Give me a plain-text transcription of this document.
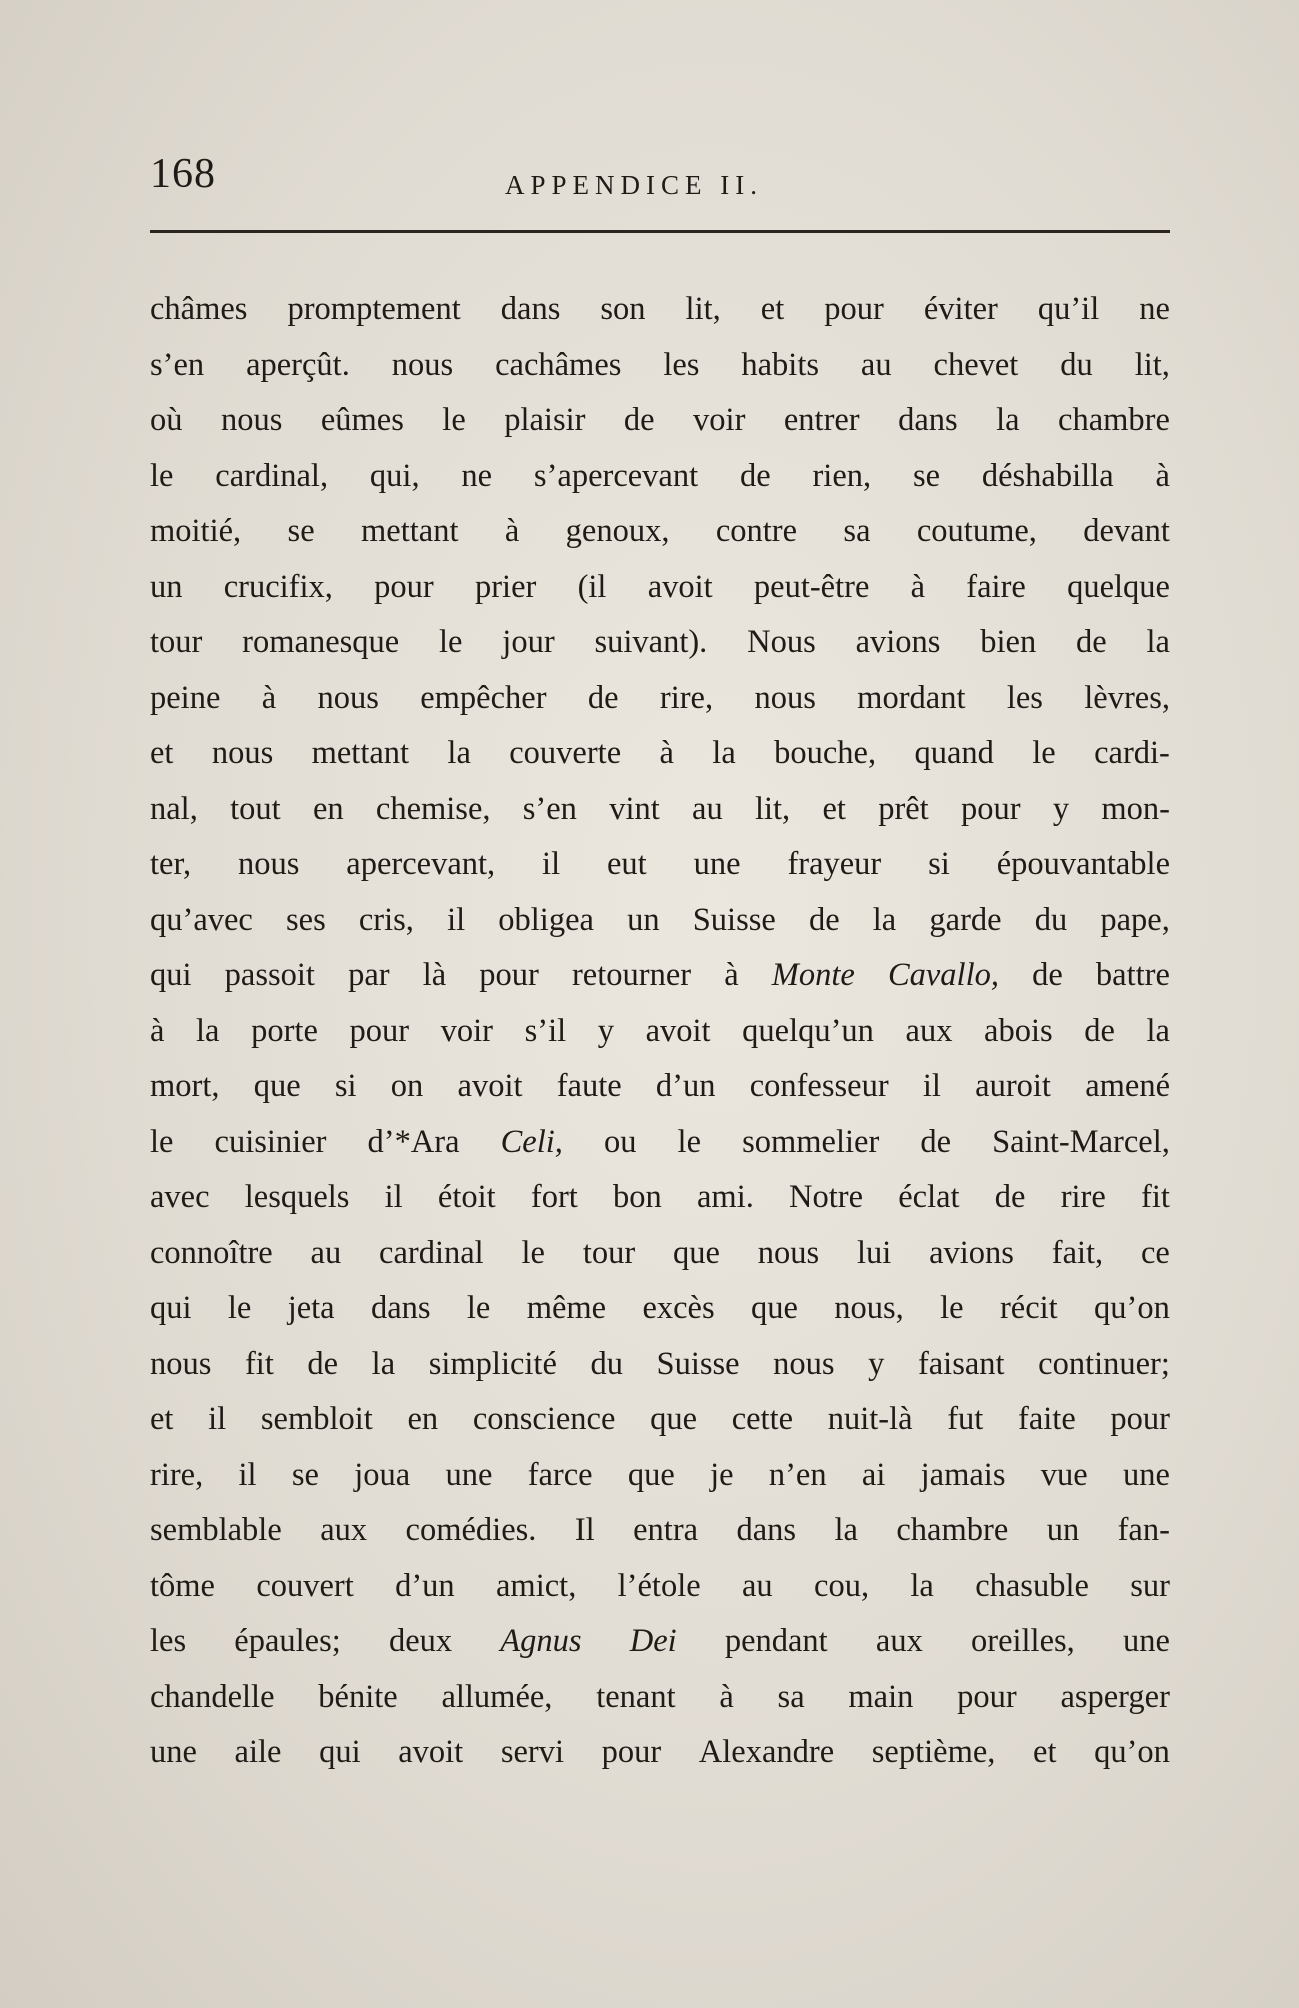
168	APPENDICE II.
châmes promptement dans son lit, et pour éviter qu’il ne
s’en aperçût. nous cachâmes les habits au chevet du lit,
où nous eûmes le plaisir de voir entrer dans la chambre
le cardinal, qui, ne s’apercevant de rien, se déshabilla à
moitié, se mettant à genoux, contre sa coutume, devant
un crucifix, pour prier (il avoit peut-être à faire quelque
tour romanesque le jour suivant). Nous avions bien de la
peine à nous empêcher de rire, nous mordant les lèvres,
et nous mettant la couverte à la bouche, quand le cardi-
nal, tout en chemise, s’en vint au lit, et prêt pour y mon-
ter, nous apercevant, il eut une frayeur si épouvantable
qu’avec ses cris, il obligea un Suisse de la garde du pape,
qui passoit par là pour retourner à Monte Cavallo, de battre
à la porte pour voir s’il y avoit quelqu’un aux abois de la
mort, que si on avoit faute d’un confesseur il auroit amené
le cuisinier d’*Ara Celi, ou le sommelier de Saint-Marcel,
avec lesquels il étoit fort bon ami. Notre éclat de rire fit
connoître au cardinal le tour que nous lui avions fait, ce
qui le jeta dans le même excès que nous, le récit qu’on
nous fit de la simplicité du Suisse nous y faisant continuer;
et il sembloit en conscience que cette nuit-là fut faite pour
rire, il se joua une farce que je n’en ai jamais vue une
semblable aux comédies. Il entra dans la chambre un fan-
tôme couvert d’un amict, l’étole au cou, la chasuble sur
les épaules; deux Agnus Dei pendant aux oreilles, une
chandelle bénite allumée, tenant à sa main pour asperger
une aile qui avoit servi pour Alexandre septième, et qu’on
